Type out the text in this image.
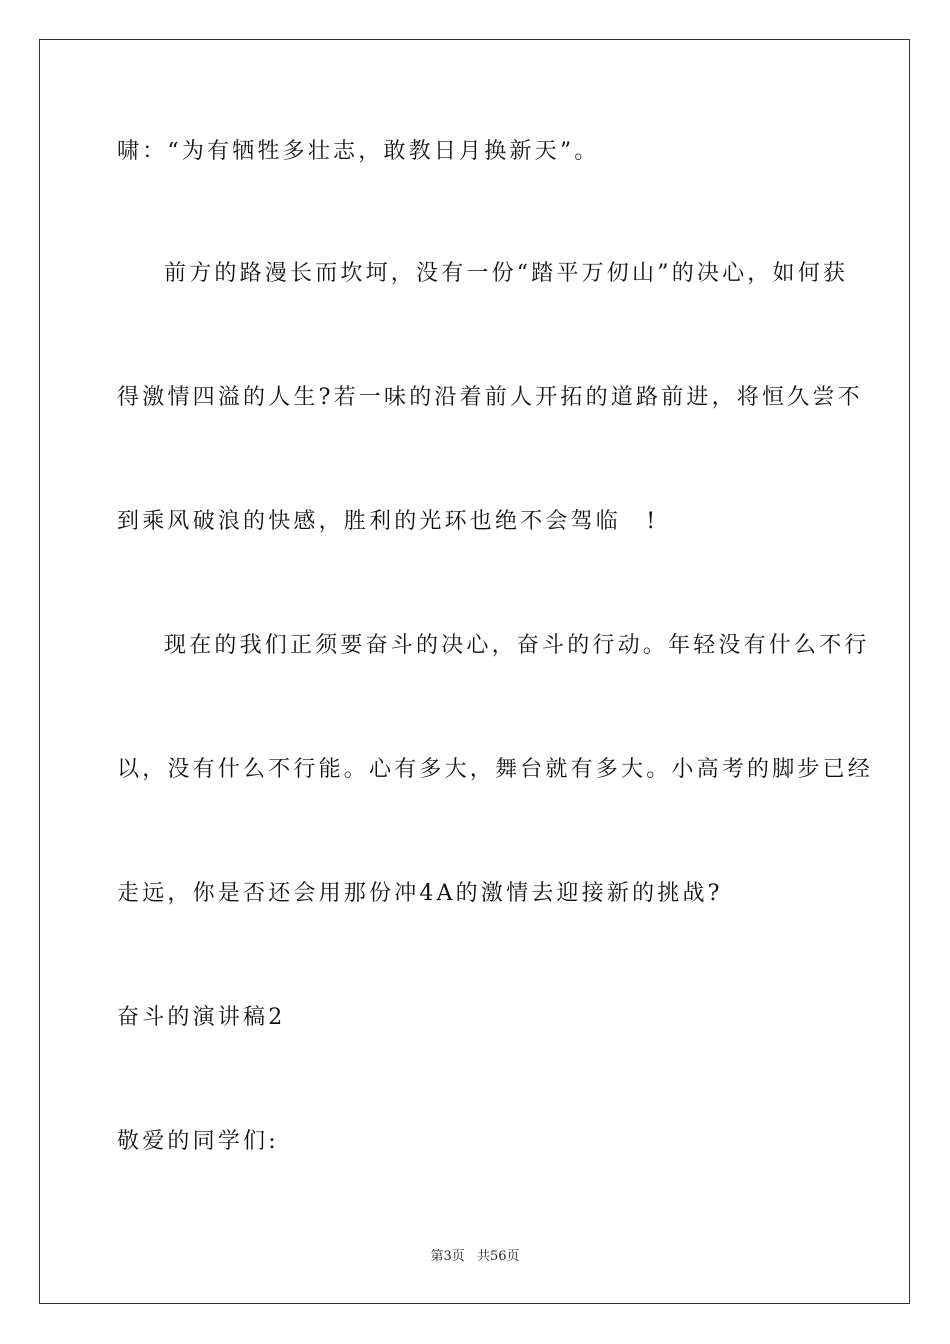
啸：“为有牺牲多壮志，敢教日月换新天”。
前方的路漫长而坎坷，没有一份“踏平万仞山”的决心，如何获
得激情四溢的人生?若一味的沿着前人开拓的道路前进，将恒久尝不
到乘风破浪的快感，胜利的光环也绝不会驾临　!
现在的我们正须要奋斗的决心，奋斗的行动。年轻没有什么不行
以，没有什么不行能。心有多大，舞台就有多大。小高考的脚步已经
走远，你是否还会用那份冲4A的激情去迎接新的挑战?
奋斗的演讲稿2
敬爱的同学们:
第3页 共56页
